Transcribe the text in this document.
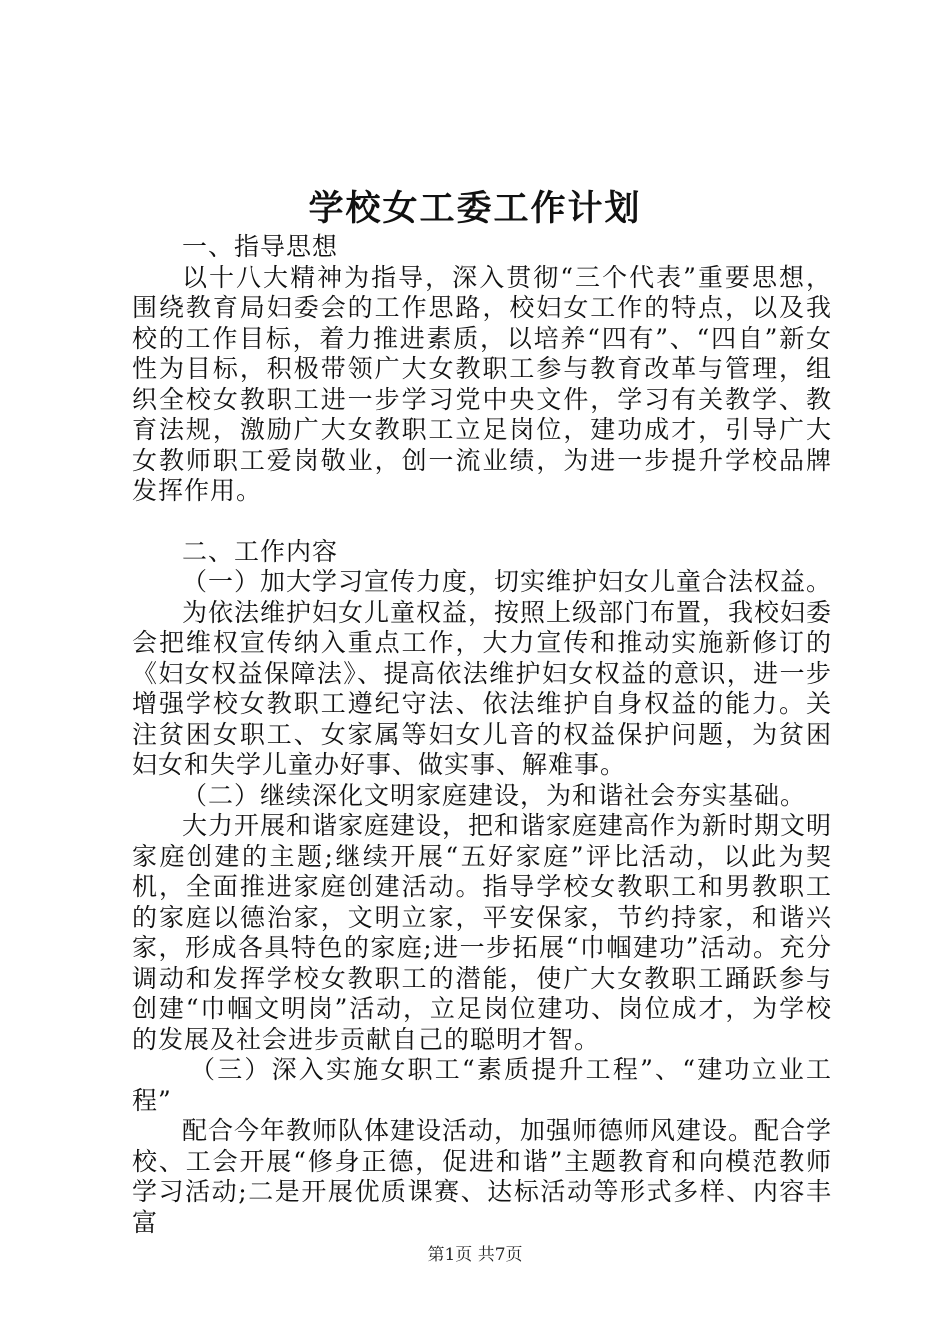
学校女工委工作计划

一、指导思想

以十八大精神为指导，深入贯彻“三个代表”重要思想，围绕教育局妇委会的工作思路，校妇女工作的特点，以及我校的工作目标，着力推进素质，以培养“四有”、“四自”新女性为目标，积极带领广大女教职工参与教育改革与管理，组织全校女教职工进一步学习党中央文件，学习有关教学、教育法规，激励广大女教职工立足岗位，建功成才，引导广大女教师职工爱岗敬业，创一流业绩，为进一步提升学校品牌发挥作用。

二、工作内容

（一）加大学习宣传力度，切实维护妇女儿童合法权益。

为依法维护妇女儿童权益，按照上级部门布置，我校妇委会把维权宣传纳入重点工作，大力宣传和推动实施新修订的《妇女权益保障法》、提高依法维护妇女权益的意识，进一步增强学校女教职工遵纪守法、依法维护自身权益的能力。关注贫困女职工、女家属等妇女儿音的权益保护问题，为贫困妇女和失学儿童办好事、做实事、解难事。

（二）继续深化文明家庭建设，为和谐社会夯实基础。

大力开展和谐家庭建设，把和谐家庭建高作为新时期文明家庭创建的主题;继续开展“五好家庭”评比活动，以此为契机，全面推进家庭创建活动。指导学校女教职工和男教职工的家庭以德治家，文明立家，平安保家，节约持家，和谐兴家，形成各具特色的家庭;进一步拓展“巾帼建功”活动。充分调动和发挥学校女教职工的潜能，使广大女教职工踊跃参与创建“巾帼文明岗”活动，立足岗位建功、岗位成才，为学校的发展及社会进步贡献自己的聪明才智。

（三）深入实施女职工“素质提升工程”、“建功立业工程”

配合今年教师队体建设活动，加强师德师风建设。配合学校、工会开展“修身正德，促进和谐”主题教育和向模范教师学习活动;二是开展优质课赛、达标活动等形式多样、内容丰富

第1页 共7页
